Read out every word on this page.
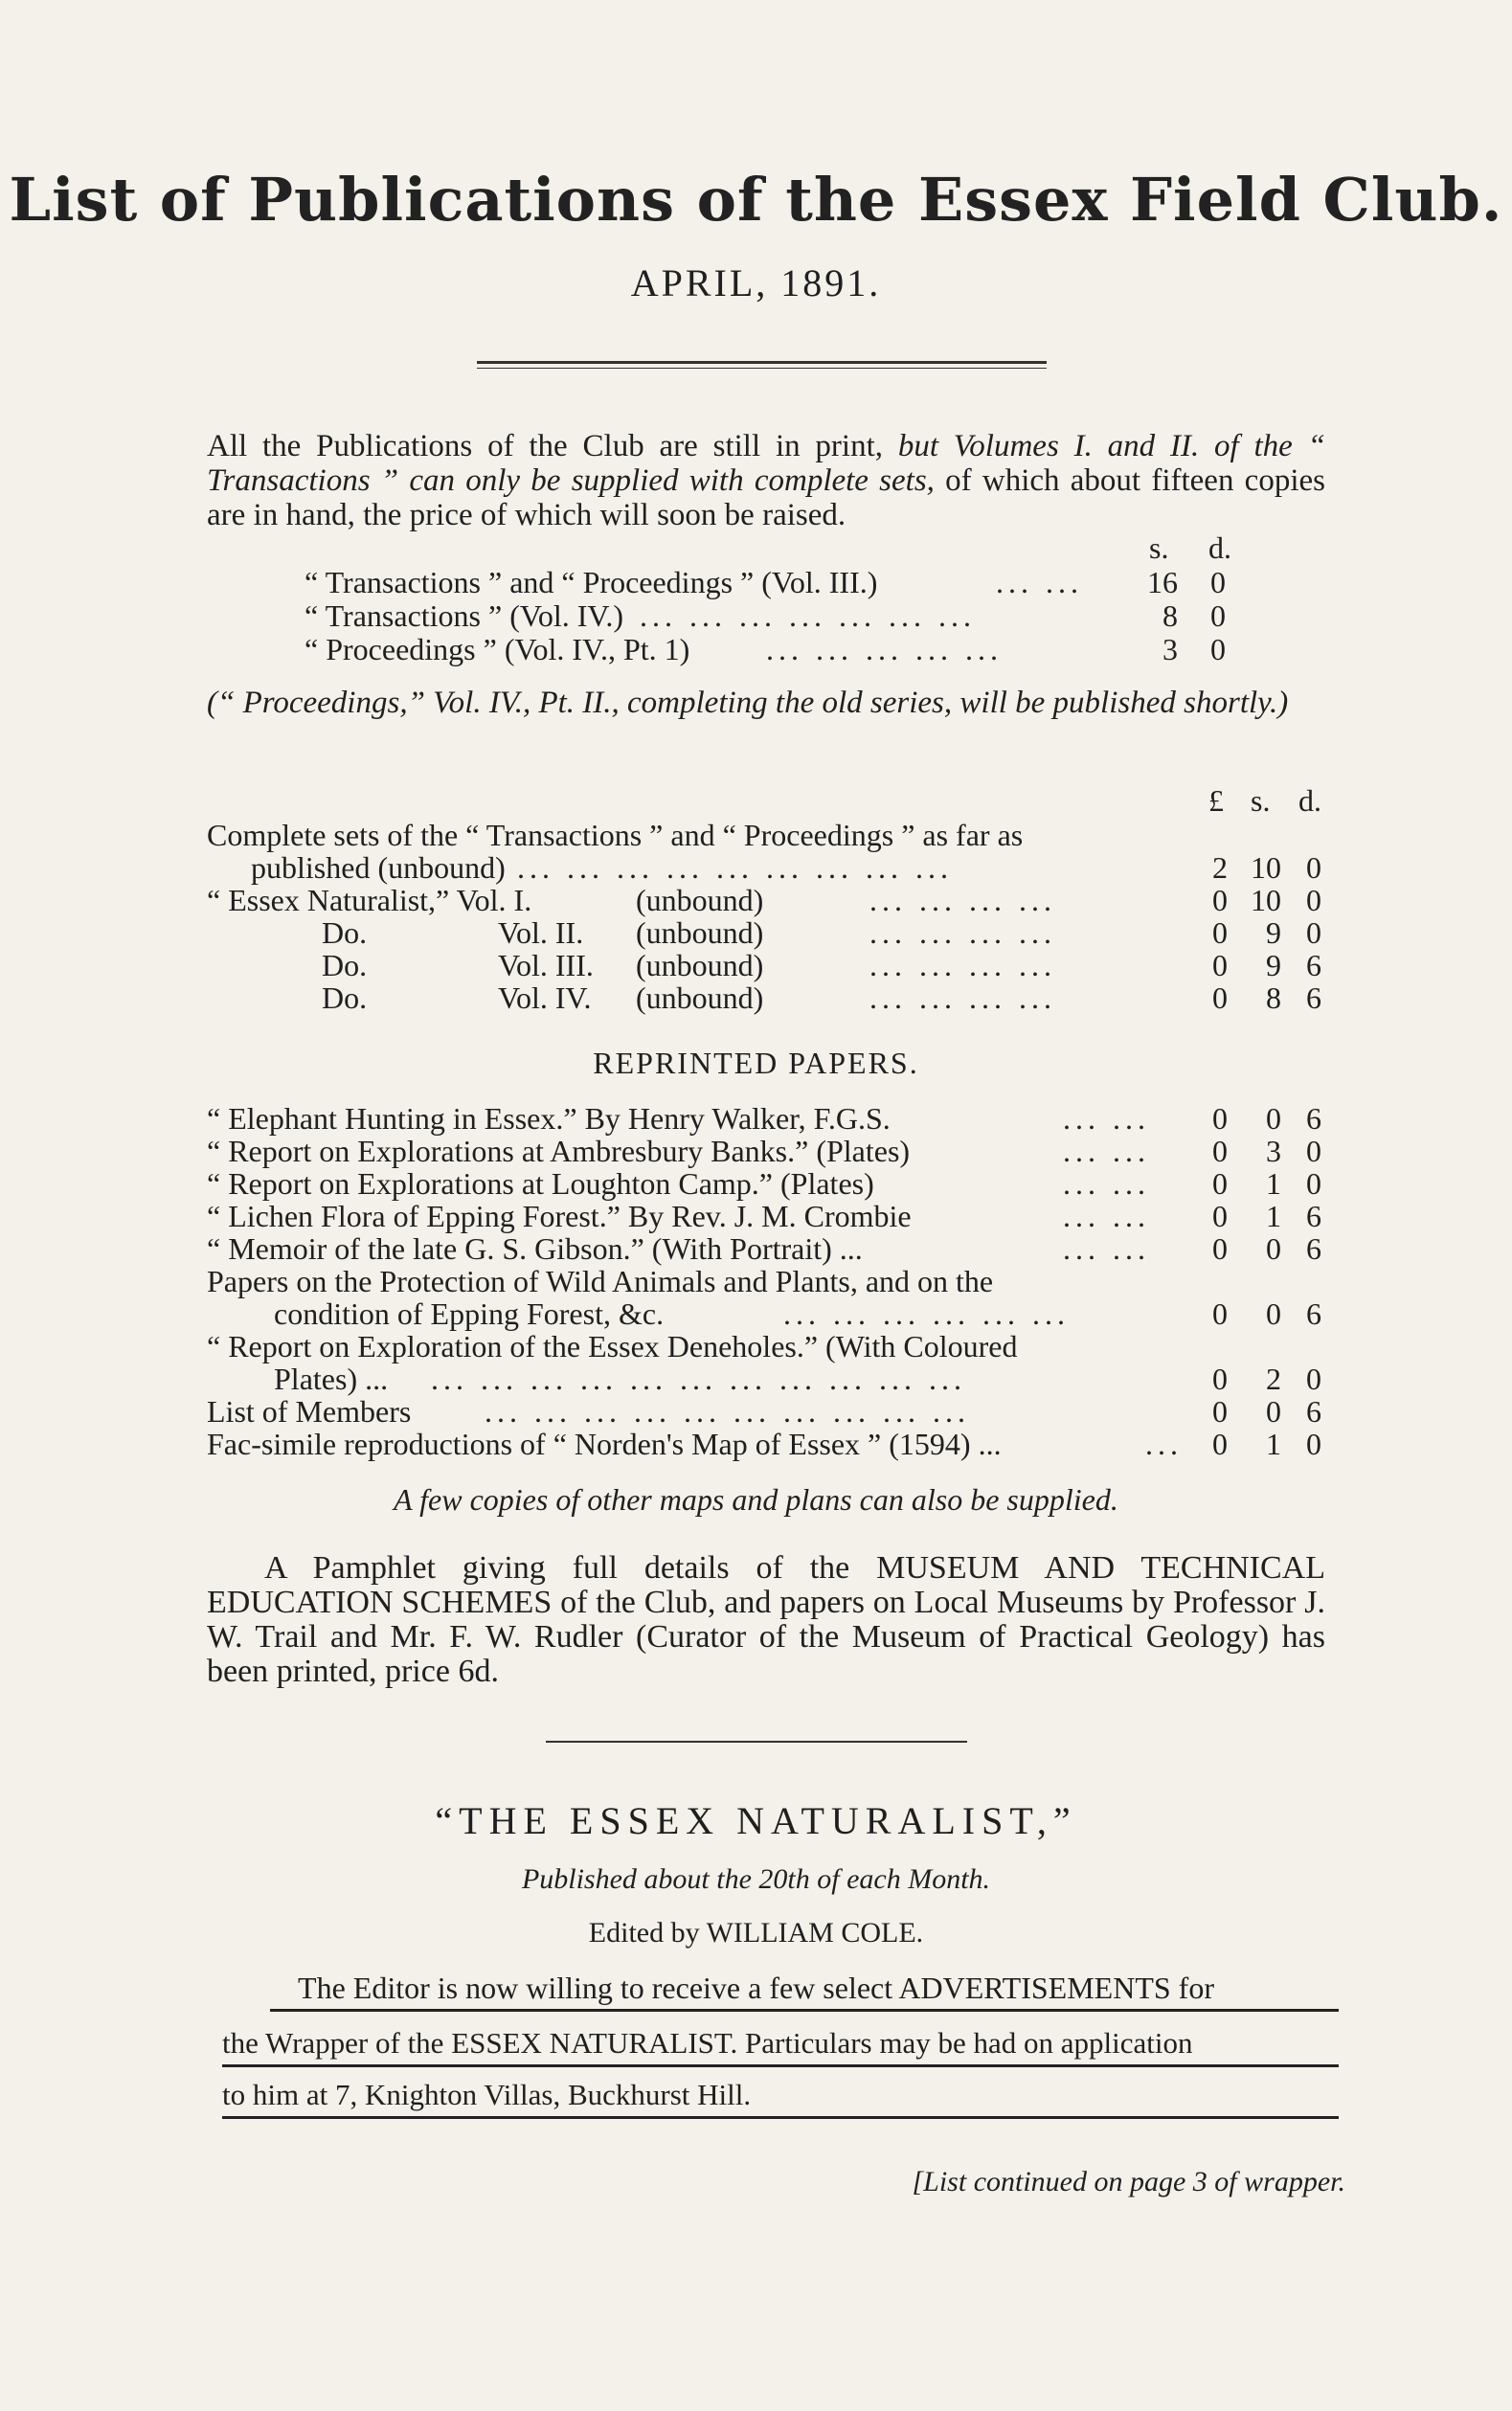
List of Publications of the Essex Field Club.
APRIL, 1891.
All the Publications of the Club are still in print, but Volumes I. and II. of the “ Transactions ” can only be supplied with complete sets, of which about fifteen copies are in hand, the price of which will soon be raised.
s. d.
“ Transactions ” and “ Proceedings ” (Vol. III.)	... ...	16	0
“ Transactions ” (Vol. IV.) ... ... ... ... ... ... ...	8	0
“ Proceedings ” (Vol. IV., Pt. 1) ... ... ... ... ...	3	0
(“ Proceedings,” Vol. IV., Pt. II., completing the old series, will be published shortly.)
£ s. d.
Complete sets of the “ Transactions ” and “ Proceedings ” as far as
published (unbound) ... ... ... ... ... ... ... ... ...	2 10 0
“ Essex Naturalist,” Vol. I.	(unbound)	... ... ... ...	0 10 0
Do.	Vol. II. (unbound)	... ... ... ...	0	9 0
Do.	Vol. III. (unbound)	... ... ... ...	0	9 6
Do.	Vol. IV. (unbound)	... ... ... ...	0	8 6
REPRINTED PAPERS.
“ Elephant Hunting in Essex.” By Henry Walker, F.G.S.	... ...	0	0 6
“ Report on Explorations at Ambresbury Banks.” (Plates)	... ...	0	3 0
“ Report on Explorations at Loughton Camp.” (Plates)	... ...	0	1 0
“ Lichen Flora of Epping Forest.” By Rev. J. M. Crombie	... ...	0	1 6
“ Memoir of the late G. S. Gibson.” (With Portrait) ...	... ...	0	0 6
Papers on the Protection of Wild Animals and Plants, and on the
condition of Epping Forest, &c.	... ... ... ... ... ...	0	0 6
“ Report on Exploration of the Essex Deneholes.” (With Coloured
Plates) ... ... ... ... ... ... ... ... ... ... ... ...	0	2 0
List of Members ... ... ... ... ... ... ... ... ... ...	0	0 6
Fac-simile reproductions of “ Norden's Map of Essex ” (1594) ...	... 0	1 0
A few copies of other maps and plans can also be supplied.
A Pamphlet giving full details of the MUSEUM AND TECHNICAL EDUCATION SCHEMES of the Club, and papers on Local Museums by Professor J. W. Trail and Mr. F. W. Rudler (Curator of the Museum of Practical Geology) has been printed, price 6d.
“THE ESSEX NATURALIST,”
Published about the 20th of each Month.
Edited by WILLIAM COLE.
The Editor is now willing to receive a few select ADVERTISEMENTS for
the Wrapper of the ESSEX NATURALIST. Particulars may be had on application
to him at 7, Knighton Villas, Buckhurst Hill.
[List continued on page 3 of wrapper.
